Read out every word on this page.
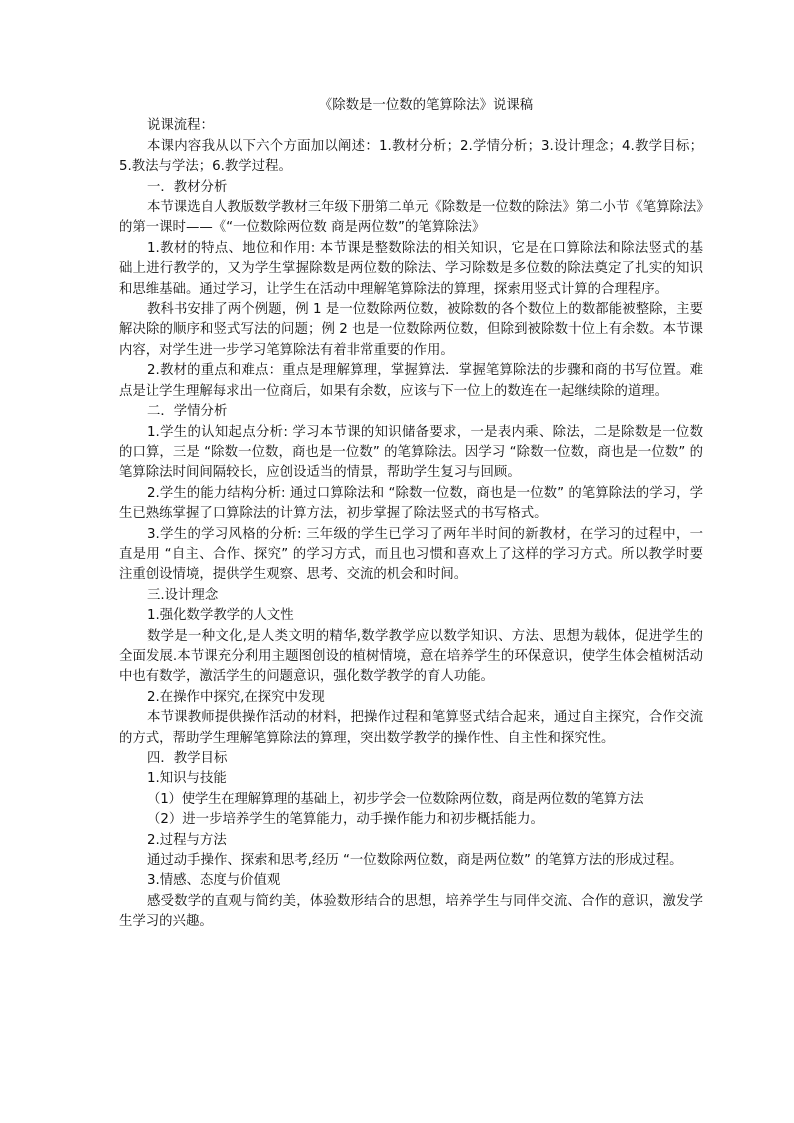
《除数是一位数的笔算除法》说课稿

说课流程：

本课内容我从以下六个方面加以阐述：1.教材分析；2.学情分析；3.设计理念；4.教学目标； 5.教法与学法；6.教学过程。

一．教材分析

本节课选自人教版数学教材三年级下册第二单元《除数是一位数的除法》第二小节《笔算除法》的第一课时——《“一位数除两位数 商是两位数”的笔算除法》

1.教材的特点、地位和作用: 本节课是整数除法的相关知识，它是在口算除法和除法竖式的基础上进行教学的，又为学生掌握除数是两位数的除法、学习除数是多位数的除法奠定了扎实的知识和思维基础。通过学习，让学生在活动中理解笔算除法的算理，探索用竖式计算的合理程序。

教科书安排了两个例题，例 1 是一位数除两位数，被除数的各个数位上的数都能被整除，主要解决除的顺序和竖式写法的问题；例 2 也是一位数除两位数，但除到被除数十位上有余数。本节课内容，对学生进一步学习笔算除法有着非常重要的作用。

2.教材的重点和难点：重点是理解算理，掌握算法．掌握笔算除法的步骤和商的书写位置。难点是让学生理解每求出一位商后，如果有余数，应该与下一位上的数连在一起继续除的道理。

二．学情分析

1.学生的认知起点分析: 学习本节课的知识储备要求，一是表内乘、除法，二是除数是一位数的口算，三是 “除数一位数，商也是一位数” 的笔算除法。因学习 “除数一位数，商也是一位数” 的笔算除法时间间隔较长，应创设适当的情景，帮助学生复习与回顾。

2.学生的能力结构分析: 通过口算除法和 “除数一位数，商也是一位数” 的笔算除法的学习，学生已熟练掌握了口算除法的计算方法，初步掌握了除法竖式的书写格式。

3.学生的学习风格的分析: 三年级的学生已学习了两年半时间的新教材，在学习的过程中，一直是用 “自主、合作、探究” 的学习方式，而且也习惯和喜欢上了这样的学习方式。所以教学时要注重创设情境，提供学生观察、思考、交流的机会和时间。

三.设计理念

1.强化数学教学的人文性

数学是一种文化,是人类文明的精华,数学教学应以数学知识、方法、思想为载体，促进学生的全面发展.本节课充分利用主题图创设的植树情境，意在培养学生的环保意识，使学生体会植树活动中也有数学，激活学生的问题意识，强化数学教学的育人功能。

2.在操作中探究,在探究中发现

本节课教师提供操作活动的材料，把操作过程和笔算竖式结合起来，通过自主探究，合作交流的方式，帮助学生理解笔算除法的算理，突出数学教学的操作性、自主性和探究性。

四．教学目标

1.知识与技能

（1）使学生在理解算理的基础上，初步学会一位数除两位数，商是两位数的笔算方法

（2）进一步培养学生的笔算能力，动手操作能力和初步概括能力。

2.过程与方法

通过动手操作、探索和思考,经历 “一位数除两位数，商是两位数” 的笔算方法的形成过程。

3.情感、态度与价值观

感受数学的直观与简约美，体验数形结合的思想，培养学生与同伴交流、合作的意识，激发学生学习的兴趣。
